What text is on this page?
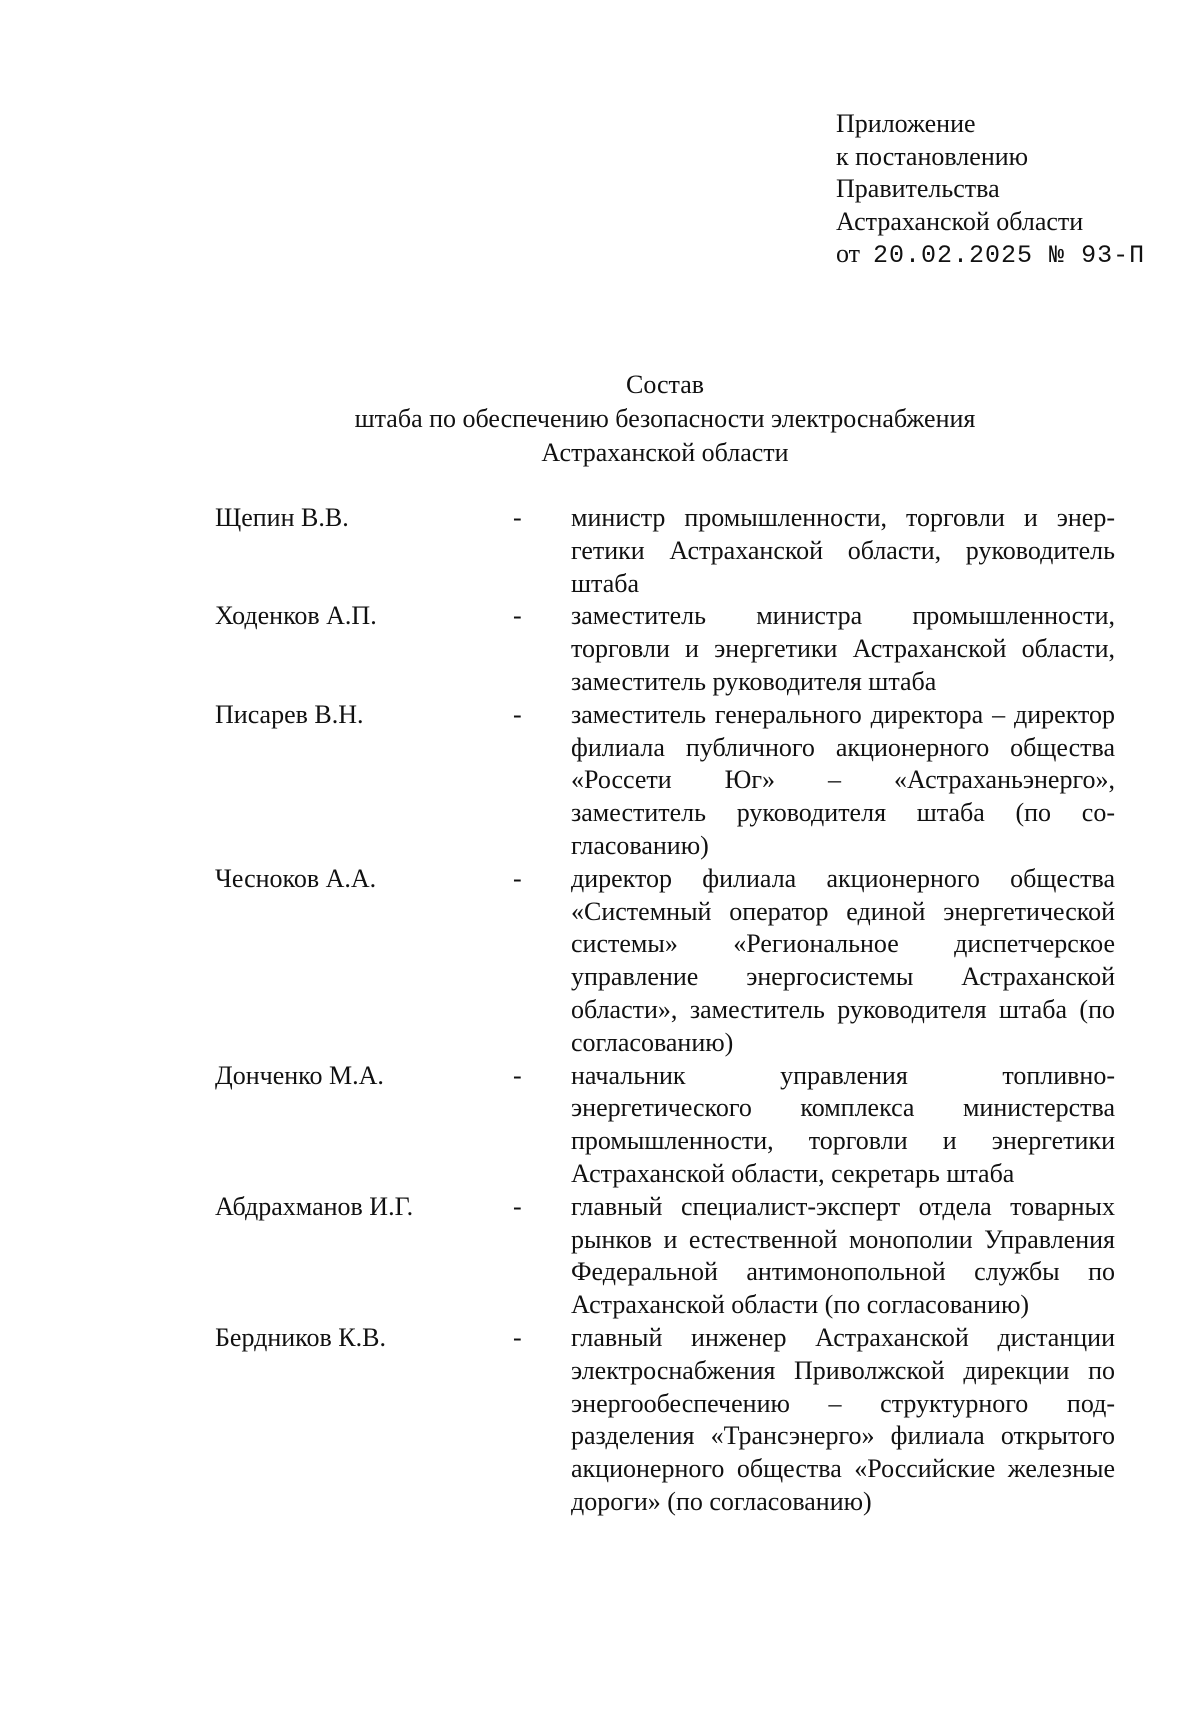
Приложение
к постановлению
Правительства
Астраханской области
от 20.02.2025 № 93-П
Состав
штаба по обеспечению безопасности электроснабжения
Астраханской области
Щепин В.В.	- министр промышленности, торговли и энергетики Астраханской области, руководитель штаба
Ходенков А.П.	- заместитель министра промышленности, торговли и энергетики Астраханской области, заместитель руководителя штаба
Писарев В.Н.	- заместитель генерального директора – директор филиала публичного акционерного общества «Россети Юг» – «Астраханьэнерго», заместитель руководителя штаба (по согласованию)
Чесноков А.А.	- директор филиала акционерного общества «Системный оператор единой энергетической системы» «Региональное диспетчерское управление энергосистемы Астраханской области», заместитель руководителя штаба (по согласованию)
Донченко М.А.	- начальник управления топливно-энергетического комплекса министерства промышленности, торговли и энергетики Астраханской области, секретарь штаба
Абдрахманов И.Г.	- главный специалист-эксперт отдела товарных рынков и естественной монополии Управления Федеральной антимонопольной службы по Астраханской области (по согласованию)
Бердников К.В.	- главный инженер Астраханской дистанции электроснабжения Приволжской дирекции по энергообеспечению – структурного подразделения «Трансэнерго» филиала открытого акционерного общества «Российские железные дороги» (по согласованию)
